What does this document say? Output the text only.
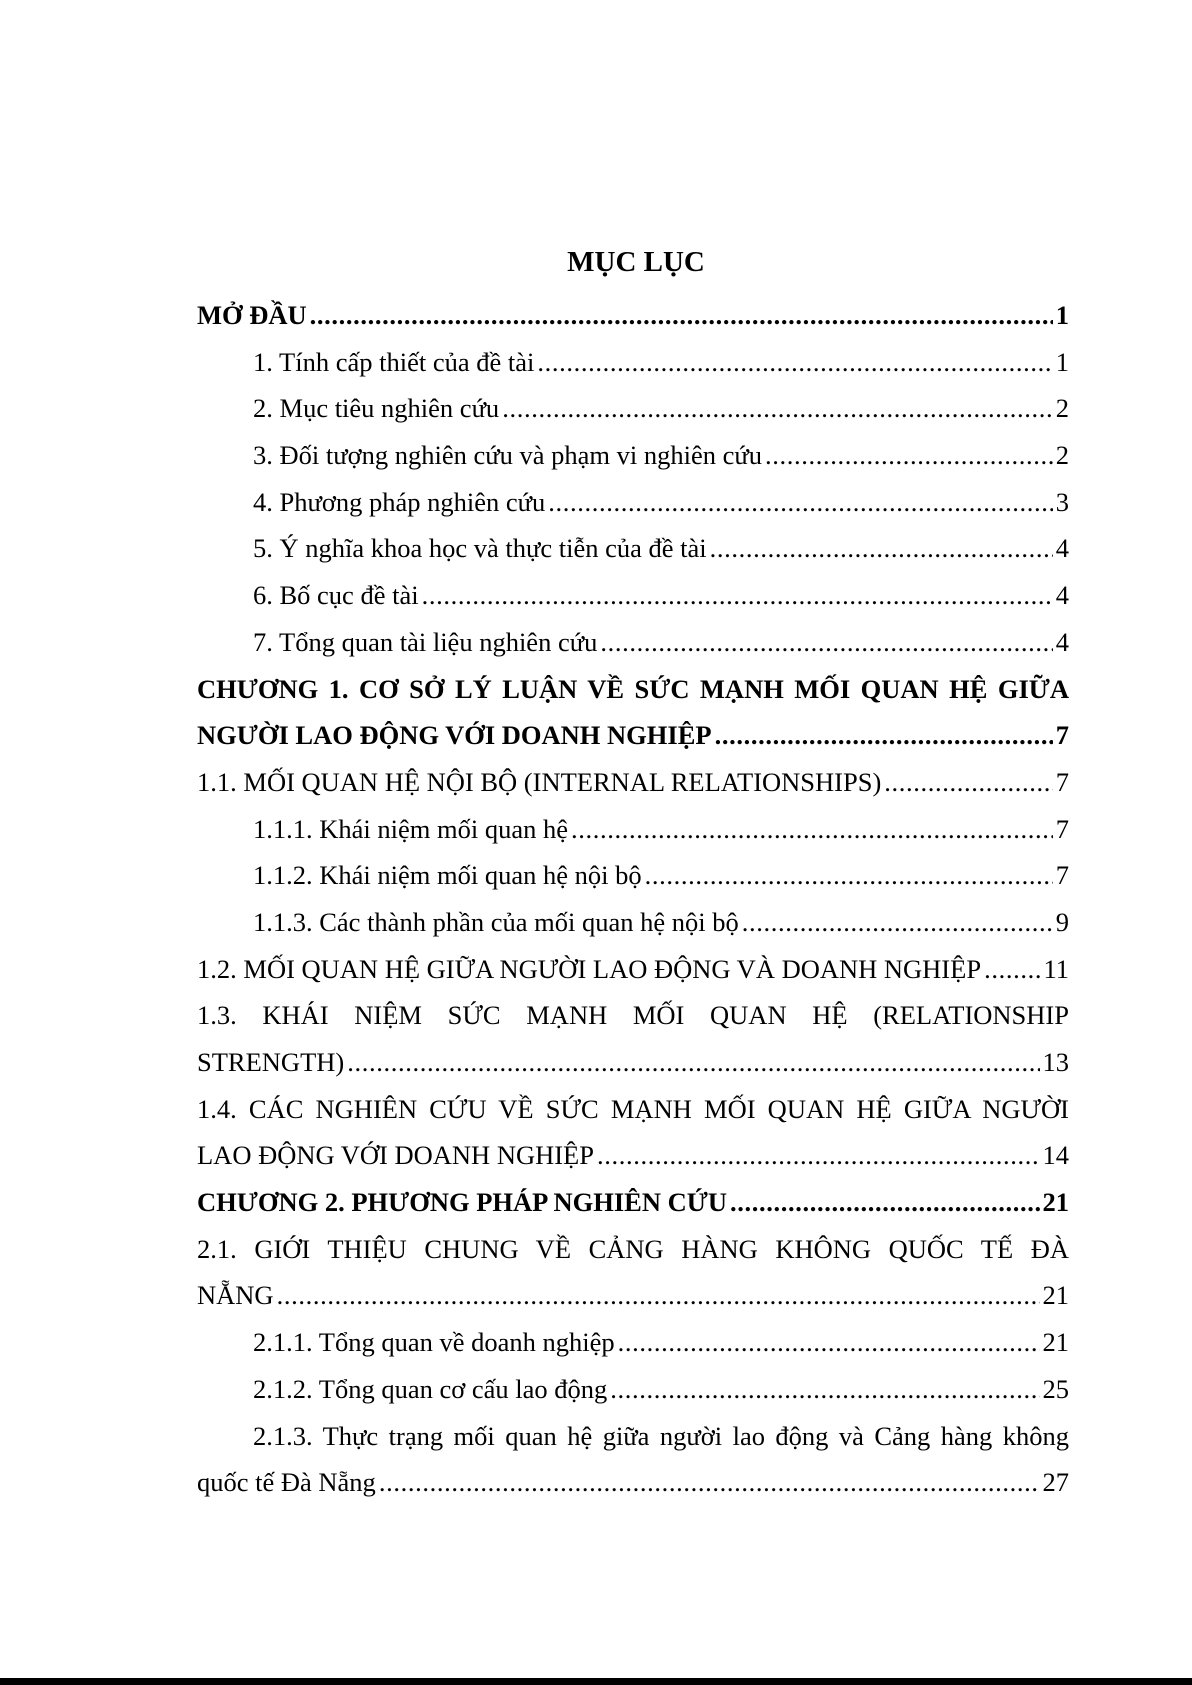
MỤC LỤC
MỞ ĐẦU . . .	1
1. Tính cấp thiết của đề tài . . .	1
2. Mục tiêu nghiên cứu . . .	2
3. Đối tượng nghiên cứu và phạm vi nghiên cứu . . .	2
4. Phương pháp nghiên cứu . . .	3
5. Ý nghĩa khoa học và thực tiễn của đề tài . . .	4
6. Bố cục đề tài . . .	4
7. Tổng quan tài liệu nghiên cứu . . .	4
CHƯƠNG 1. CƠ SỞ LÝ LUẬN VỀ SỨC MẠNH MỐI QUAN HỆ GIỮA
NGƯỜI LAO ĐỘNG VỚI DOANH NGHIỆP . . .	7
1.1. MỐI QUAN HỆ NỘI BỘ (INTERNAL RELATIONSHIPS) . . .	7
1.1.1. Khái niệm mối quan hệ . . .	7
1.1.2. Khái niệm mối quan hệ nội bộ . . .	7
1.1.3. Các thành phần của mối quan hệ nội bộ . . .	9
1.2. MỐI QUAN HỆ GIỮA NGƯỜI LAO ĐỘNG VÀ DOANH NGHIỆP . . . 11
1.3. KHÁI NIỆM SỨC MẠNH MỐI QUAN HỆ (RELATIONSHIP
STRENGTH) . . .	13
1.4. CÁC NGHIÊN CỨU VỀ SỨC MẠNH MỐI QUAN HỆ GIỮA NGƯỜI
LAO ĐỘNG VỚI DOANH NGHIỆP . . .	14
CHƯƠNG 2. PHƯƠNG PHÁP NGHIÊN CỨU . . .	21
2.1. GIỚI THIỆU CHUNG VỀ CẢNG HÀNG KHÔNG QUỐC TẾ ĐÀ
NẴNG . . .	21
2.1.1. Tổng quan về doanh nghiệp . . .	21
2.1.2. Tổng quan cơ cấu lao động . . .	25
2.1.3. Thực trạng mối quan hệ giữa người lao động và Cảng hàng không
quốc tế Đà Nẵng . . .	27
